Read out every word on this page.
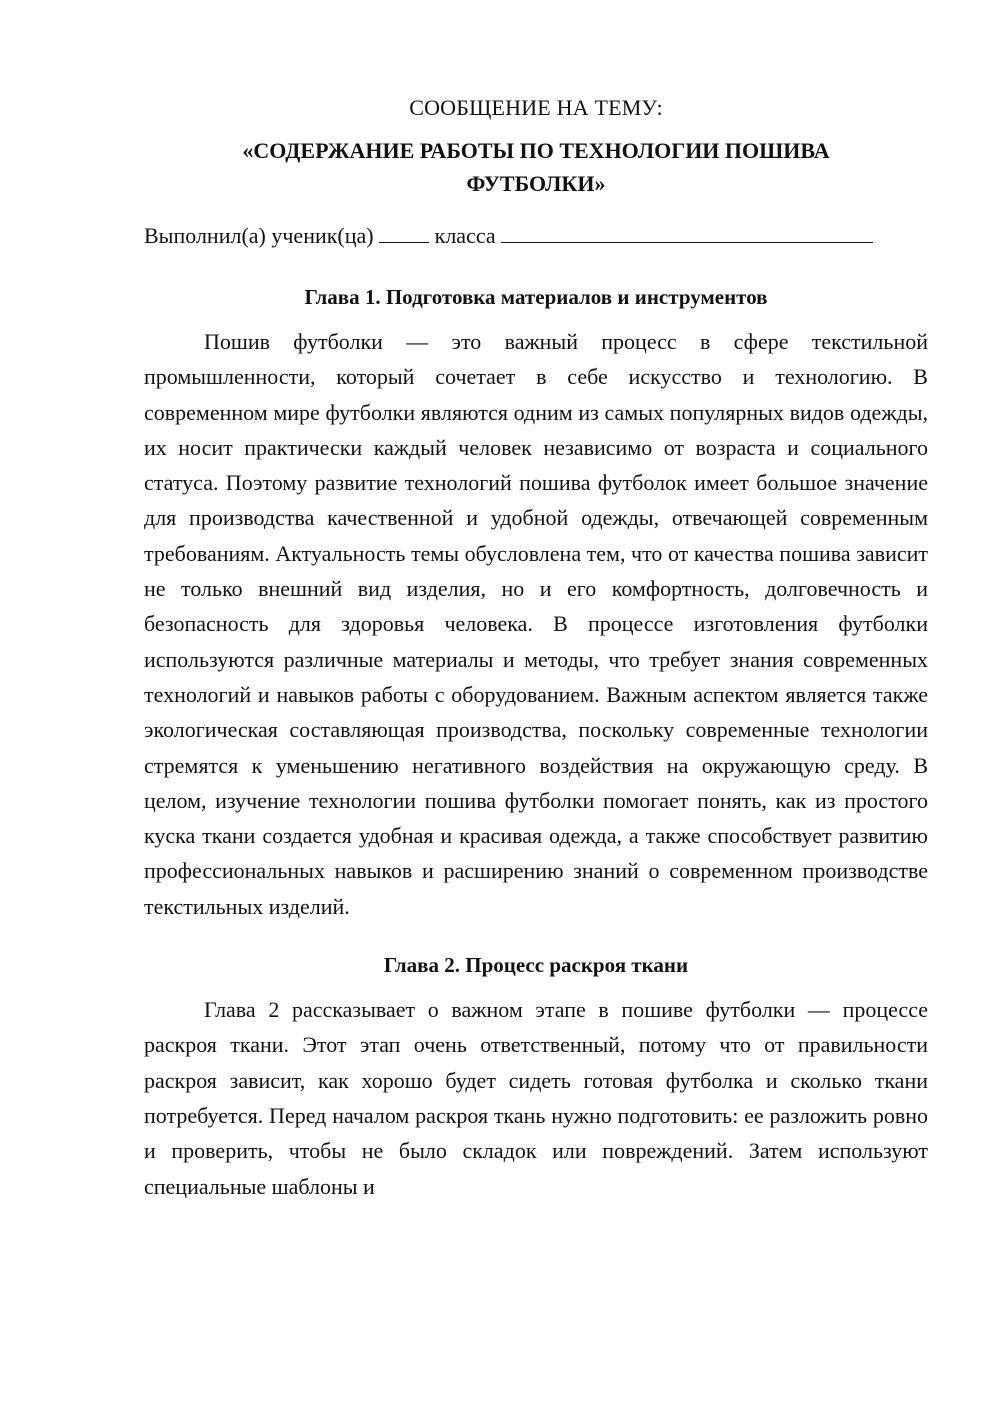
СООБЩЕНИЕ НА ТЕМУ:
«СОДЕРЖАНИЕ РАБОТЫ ПО ТЕХНОЛОГИИ ПОШИВА ФУТБОЛКИ»
Выполнил(а) ученик(ца)	класса
Глава 1. Подготовка материалов и инструментов

Пошив футболки — это важный процесс в сфере текстильной промышленности, который сочетает в себе искусство и технологию. В современном мире футболки являются одним из самых популярных видов одежды, их носит практически каждый человек независимо от возраста и социального статуса. Поэтому развитие технологий пошива футболок имеет большое значение для производства качественной и удобной одежды, отвечающей современным требованиям. Актуальность темы обусловлена тем, что от качества пошива зависит не только внешний вид изделия, но и его комфортность, долговечность и безопасность для здоровья человека. В процессе изготовления футболки используются различные материалы и методы, что требует знания современных технологий и навыков работы с оборудованием. Важным аспектом является также экологическая составляющая производства, поскольку современные технологии стремятся к уменьшению негативного воздействия на окружающую среду. В целом, изучение технологии пошива футболки помогает понять, как из простого куска ткани создается удобная и красивая одежда, а также способствует развитию профессиональных навыков и расширению знаний о современном производстве текстильных изделий.

Глава 2. Процесс раскроя ткани

Глава 2 рассказывает о важном этапе в пошиве футболки — процессе раскроя ткани. Этот этап очень ответственный, потому что от правильности раскроя зависит, как хорошо будет сидеть готовая футболка и сколько ткани потребуется. Перед началом раскроя ткань нужно подготовить: ее разложить ровно и проверить, чтобы не было складок или повреждений. Затем используют специальные шаблоны и
